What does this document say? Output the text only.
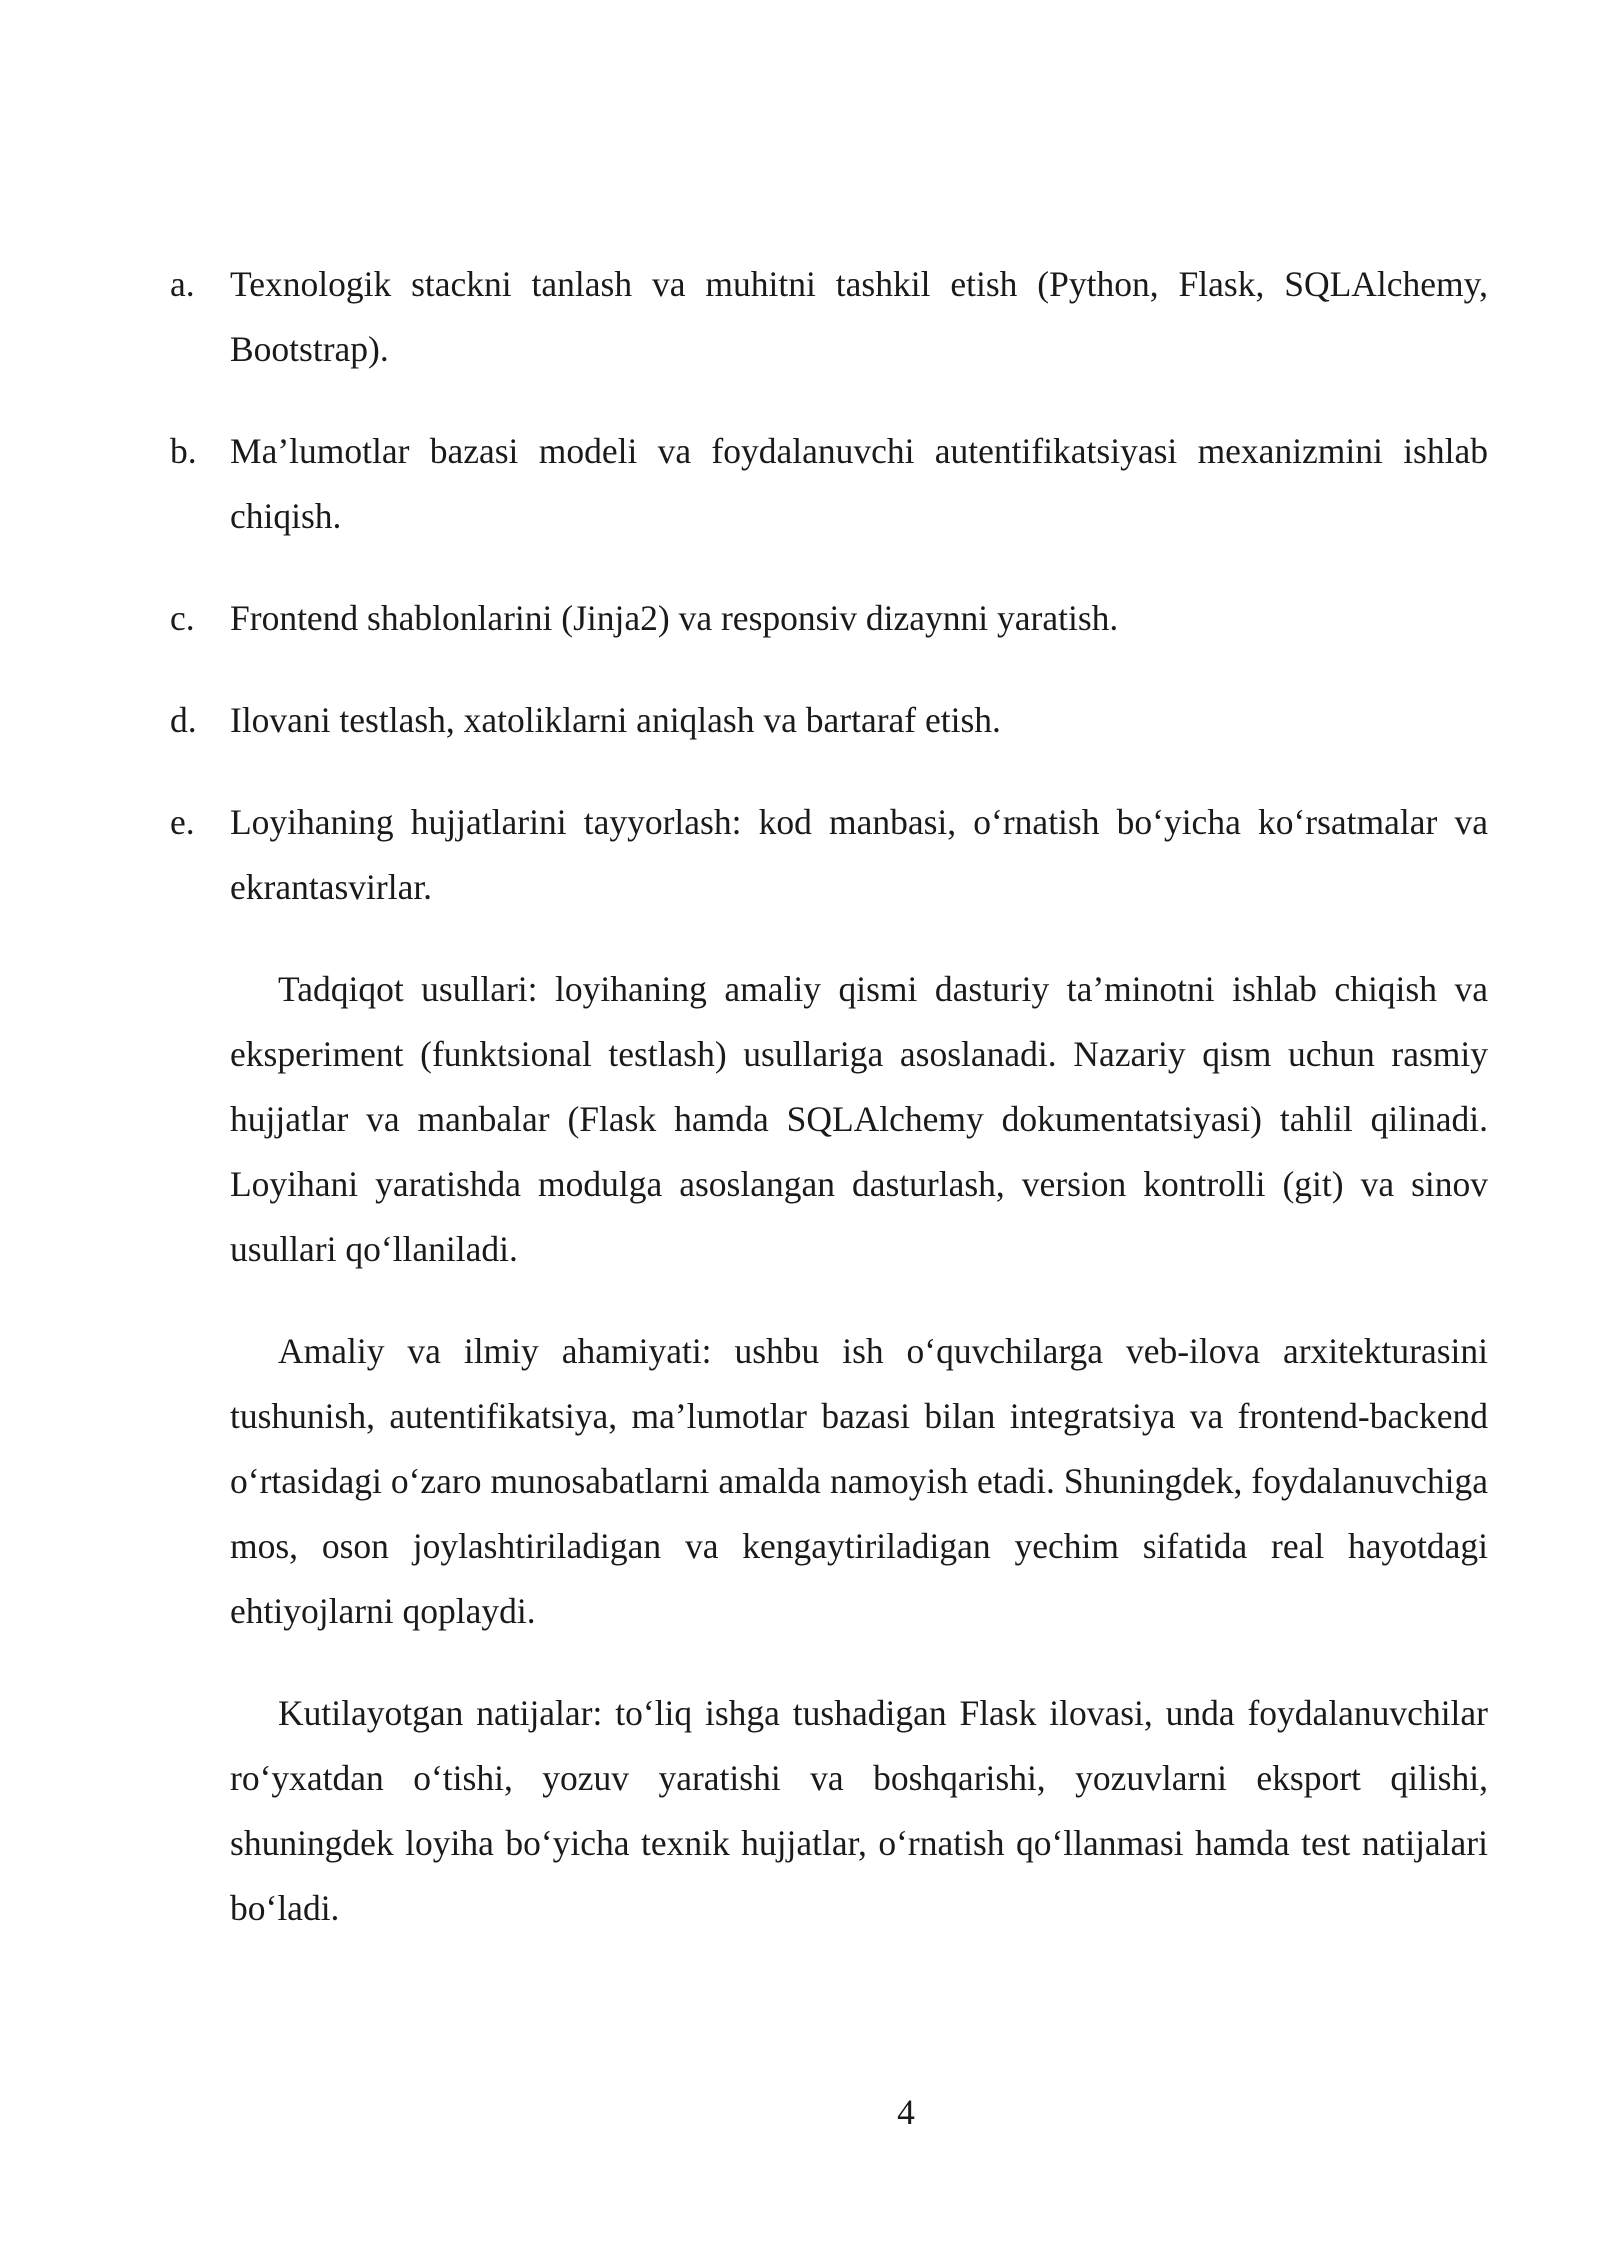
a. Texnologik stackni tanlash va muhitni tashkil etish (Python, Flask, SQLAlchemy, Bootstrap).
b. Ma’lumotlar bazasi modeli va foydalanuvchi autentifikatsiyasi mexanizmini ishlab chiqish.
c. Frontend shablonlarini (Jinja2) va responsiv dizaynni yaratish.
d. Ilovani testlash, xatoliklarni aniqlash va bartaraf etish.
e. Loyihaning hujjatlarini tayyorlash: kod manbasi, o‘rnatish bo‘yicha ko‘rsatmalar va ekrantasvirlar.

Tadqiqot usullari: loyihaning amaliy qismi dasturiy ta’minotni ishlab chiqish va eksperiment (funktsional testlash) usullariga asoslanadi. Nazariy qism uchun rasmiy hujjatlar va manbalar (Flask hamda SQLAlchemy dokumentatsiyasi) tahlil qilinadi. Loyihani yaratishda modulga asoslangan dasturlash, version kontrolli (git) va sinov usullari qo‘llaniladi.

Amaliy va ilmiy ahamiyati: ushbu ish o‘quvchilarga veb-ilova arxitekturasini tushunish, autentifikatsiya, ma’lumotlar bazasi bilan integratsiya va frontend-backend o‘rtasidagi o‘zaro munosabatlarni amalda namoyish etadi. Shuningdek, foydalanuvchiga mos, oson joylashtiriladigan va kengaytiriladigan yechim sifatida real hayotdagi ehtiyojlarni qoplaydi.

Kutilayotgan natijalar: to‘liq ishga tushadigan Flask ilovasi, unda foydalanuvchilar ro‘yxatdan o‘tishi, yozuv yaratishi va boshqarishi, yozuvlarni eksport qilishi, shuningdek loyiha bo‘yicha texnik hujjatlar, o‘rnatish qo‘llanmasi hamda test natijalari bo‘ladi.

4
